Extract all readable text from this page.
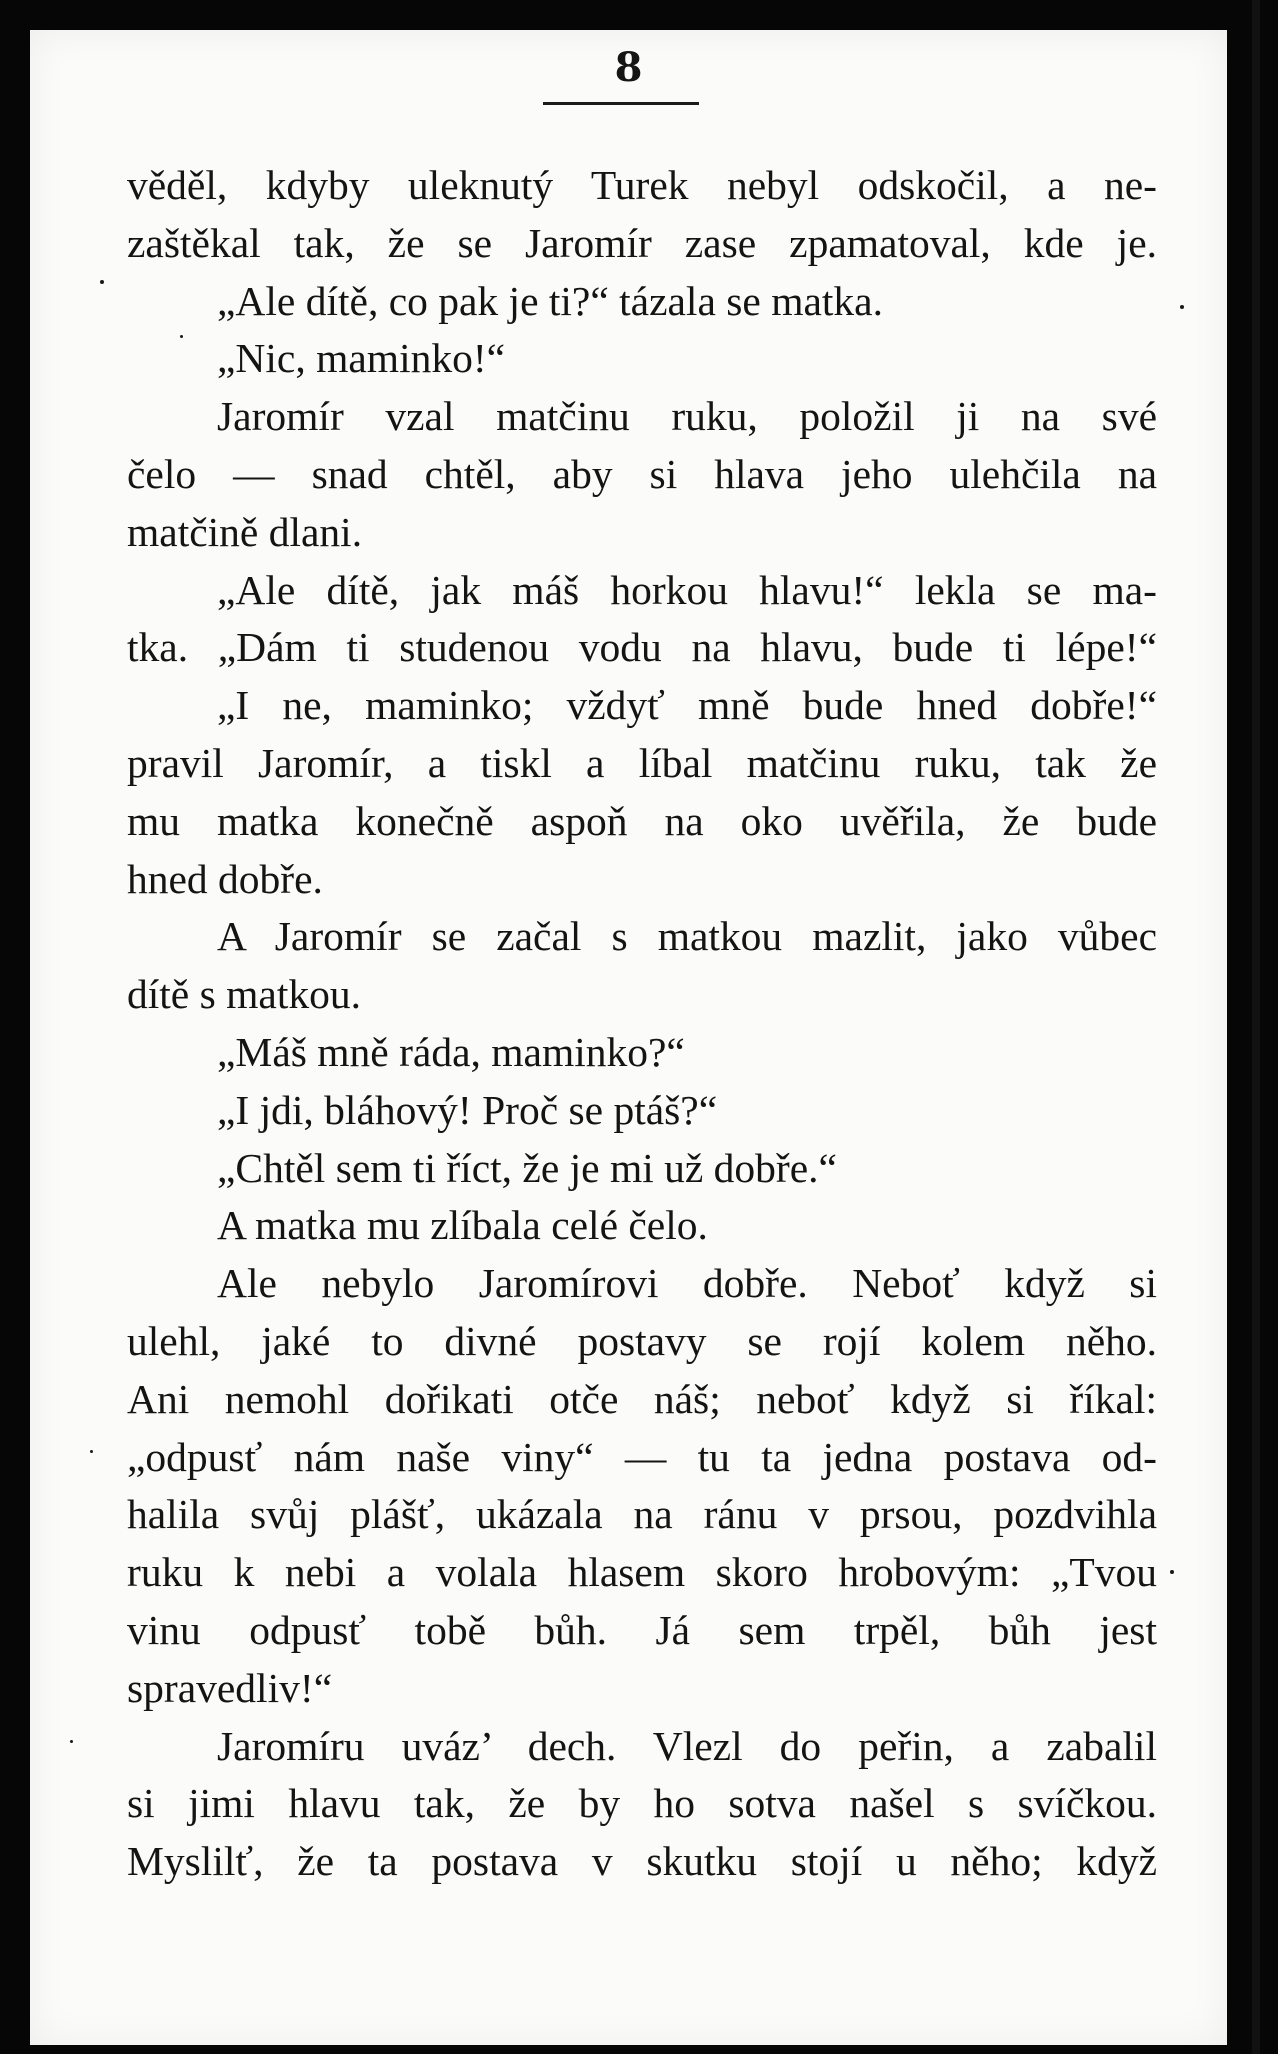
8
věděl, kdyby uleknutý Turek nebyl odskočil, a ne-
zaštěkal tak, že se Jaromír zase zpamatoval, kde je.
„Ale dítě, co pak je ti?“ tázala se matka.
„Nic, maminko!“
Jaromír vzal matčinu ruku, položil ji na své
čelo — snad chtěl, aby si hlava jeho ulehčila na
matčině dlani.
„Ale dítě, jak máš horkou hlavu!“ lekla se ma-
tka. „Dám ti studenou vodu na hlavu, bude ti lépe!“
„I ne, maminko; vždyť mně bude hned dobře!“
pravil Jaromír, a tiskl a líbal matčinu ruku, tak že
mu matka konečně aspoň na oko uvěřila, že bude
hned dobře.
A Jaromír se začal s matkou mazlit, jako vůbec
dítě s matkou.
„Máš mně ráda, maminko?“
„I jdi, bláhový! Proč se ptáš?“
„Chtěl sem ti říct, že je mi už dobře.“
A matka mu zlíbala celé čelo.
Ale nebylo Jaromírovi dobře. Neboť když si
ulehl, jaké to divné postavy se rojí kolem něho.
Ani nemohl dořikati otče náš; neboť když si říkal:
„odpusť nám naše viny“ — tu ta jedna postava od-
halila svůj plášť, ukázala na ránu v prsou, pozdvihla
ruku k nebi a volala hlasem skoro hrobovým: „Tvou
vinu odpusť tobě bůh. Já sem trpěl, bůh jest
spravedliv!“
Jaromíru uváz’ dech. Vlezl do peřin, a zabalil
si jimi hlavu tak, že by ho sotva našel s svíčkou.
Myslilť, že ta postava v skutku stojí u něho; když
